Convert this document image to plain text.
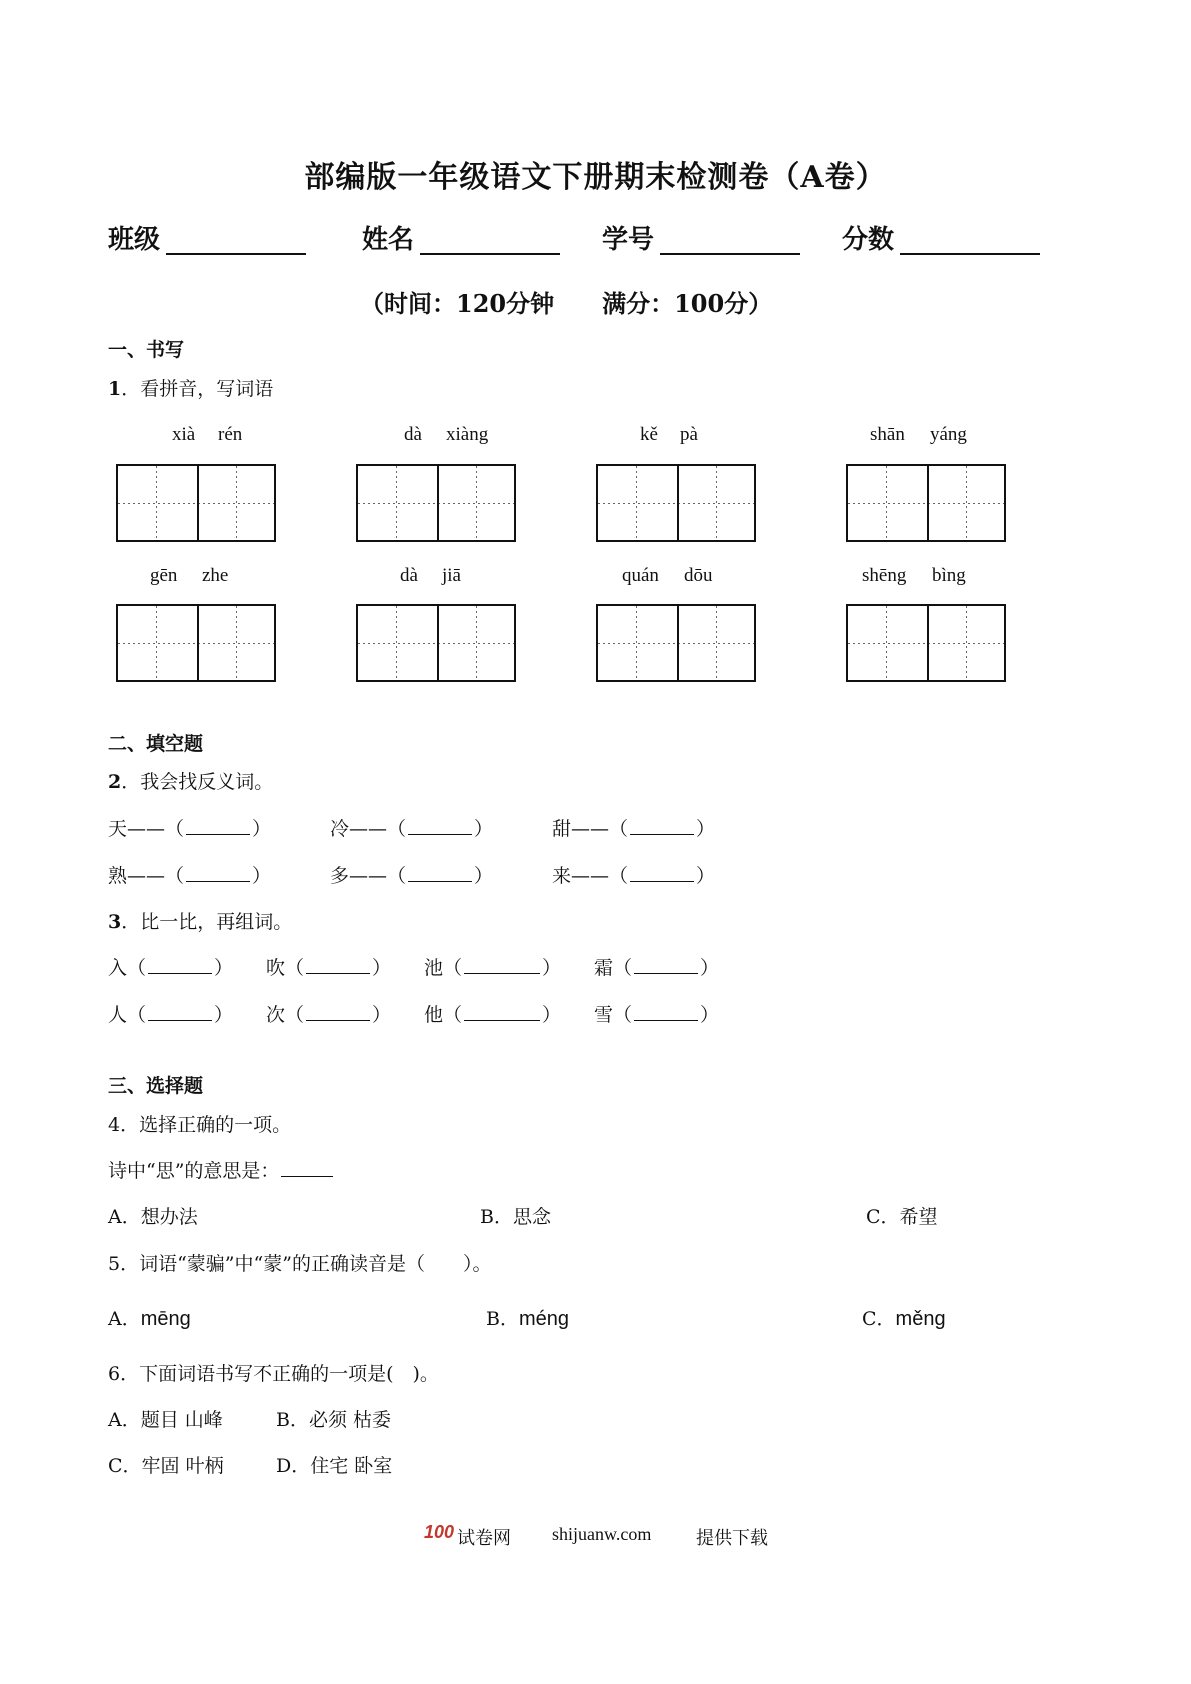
部编版一年级语文下册期末检测卷（A卷）
班级	姓名	学号	分数
（时间：120分钟　　满分：100分）
一、书写
1．看拼音，写词语
xià rén	dà xiàng	kě pà	shān yáng
gēn zhe	dà jiā	quán dōu	shēng bìng
二、填空题
2．我会找反义词。
天——（	）	冷——（	）	甜——（	）
熟——（	）	多——（	）	来——（	）
3．比一比，再组词。
入（	） 吹（	） 池（	） 霜（	）
人（	） 次（	） 他（	） 雪（	）
三、选择题
4．选择正确的一项。
诗中“思”的意思是：
A．想办法	B．思念	C．希望
5．词语“蒙骗”中“蒙”的正确读音是（　　）。
A．mēng	B．méng	C．měng
6．下面词语书写不正确的一项是(　)。
A．题目 山峰	B．必须 枯委
C．牢固 叶柄	D．住宅 卧室
100 试卷网 shijuanw.com 提供下载
